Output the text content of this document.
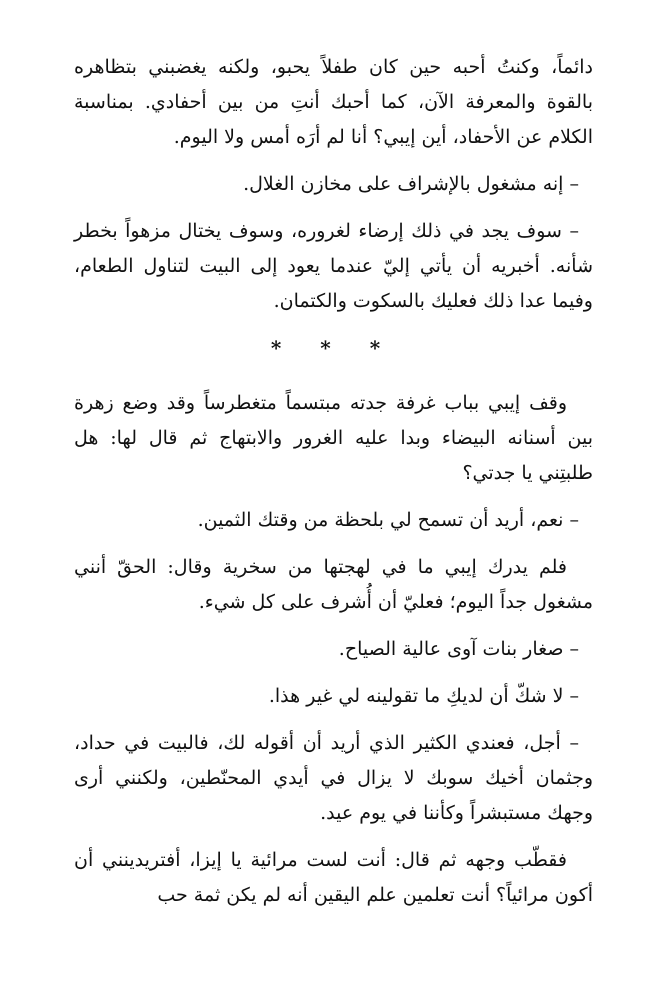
دائماً، وكنتُ أحبه حين كان طفلاً يحبو، ولكنه يغضبني بتظاهره بالقوة والمعرفة الآن، كما أحبك أنتِ من بين أحفادي. بمناسبة الكلام عن الأحفاد، أين إيبي؟ أنا لم أرَه أمس ولا اليوم.

– إنه مشغول بالإشراف على مخازن الغلال.

– سوف يجد في ذلك إرضاء لغروره، وسوف يختال مزهواً بخطر شأنه. أخبريه أن يأتي إليّ عندما يعود إلى البيت لتناول الطعام، وفيما عدا ذلك فعليك بالسكوت والكتمان.

* * *

وقف إيبي بباب غرفة جدته مبتسماً متغطرساً وقد وضع زهرة بين أسنانه البيضاء وبدا عليه الغرور والابتهاج ثم قال لها: هل طلبتِني يا جدتي؟

– نعم، أريد أن تسمح لي بلحظة من وقتك الثمين.

فلم يدرك إيبي ما في لهجتها من سخرية وقال: الحقّ أنني مشغول جداً اليوم؛ فعليّ أن أُشرف على كل شيء.

– صغار بنات آوى عالية الصياح.

– لا شكّ أن لديكِ ما تقولينه لي غير هذا.

– أجل، فعندي الكثير الذي أريد أن أقوله لك، فالبيت في حداد، وجثمان أخيك سوبك لا يزال في أيدي المحنّطين، ولكنني أرى وجهك مستبشراً وكأننا في يوم عيد.

فقطّب وجهه ثم قال: أنت لست مرائية يا إيزا، أفتريدينني أن أكون مرائياً؟ أنت تعلمين علم اليقين أنه لم يكن ثمة حب
